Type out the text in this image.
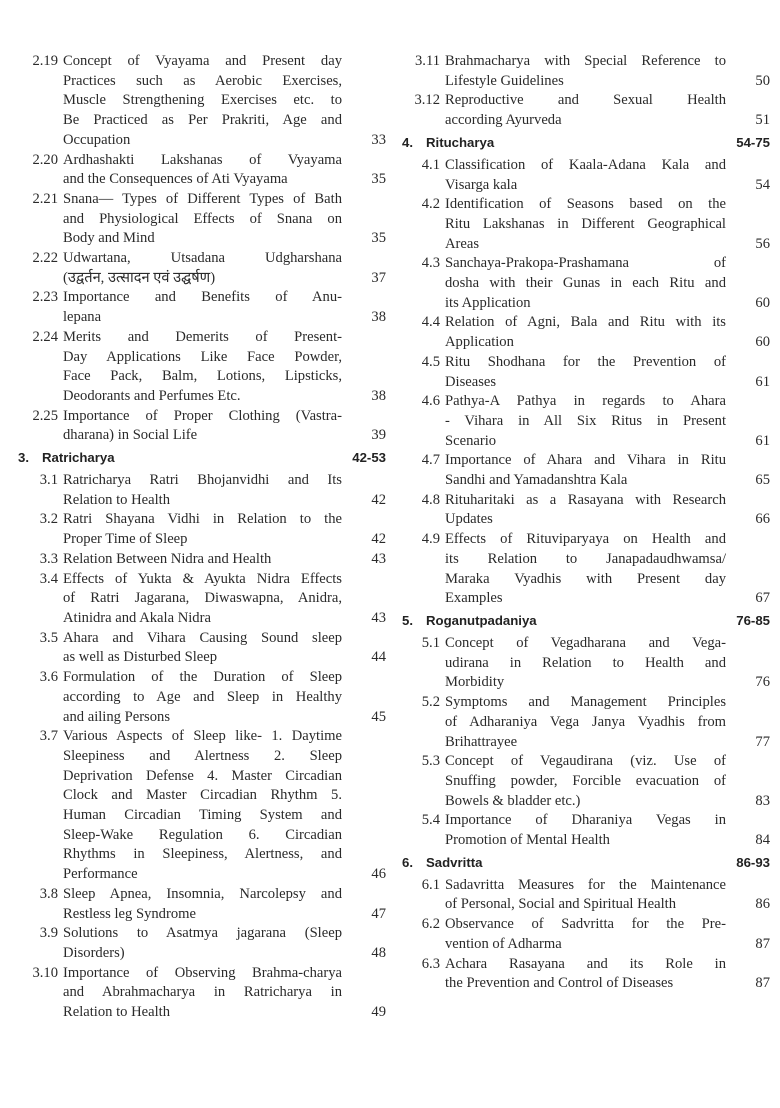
2.19 Concept of Vyayama and Present day
Practices such as Aerobic Exercises,
Muscle Strengthening Exercises etc. to
Be Practiced as Per Prakriti, Age and
Occupation	33
2.20 Ardhashakti Lakshanas of Vyayama
and the Consequences of Ati Vyayama	35
2.21 Snana— Types of Different Types of Bath
and Physiological Effects of Snana on
Body and Mind	35
2.22 Udwartana, Utsadana Udgharshana
(उद्वर्तन, उत्सादन एवं उद्घर्षण)	37
2.23 Importance and Benefits of Anu-
lepana	38
2.24 Merits and Demerits of Present-
Day Applications Like Face Powder,
Face Pack, Balm, Lotions, Lipsticks,
Deodorants and Perfumes Etc.	38
2.25 Importance of Proper Clothing (Vastra-
dharana) in Social Life	39
3. Ratricharya	42-53
3.1 Ratricharya Ratri Bhojanvidhi and Its
Relation to Health	42
3.2 Ratri Shayana Vidhi in Relation to the
Proper Time of Sleep	42
3.3 Relation Between Nidra and Health	43
3.4 Effects of Yukta & Ayukta Nidra Effects
of Ratri Jagarana, Diwaswapna, Anidra,
Atinidra and Akala Nidra	43
3.5 Ahara and Vihara Causing Sound sleep
as well as Disturbed Sleep	44
3.6 Formulation of the Duration of Sleep
according to Age and Sleep in Healthy
and ailing Persons	45
3.7 Various Aspects of Sleep like- 1. Daytime
Sleepiness and Alertness 2. Sleep
Deprivation Defense 4. Master Circadian
Clock and Master Circadian Rhythm 5.
Human Circadian Timing System and
Sleep-Wake Regulation 6. Circadian
Rhythms in Sleepiness, Alertness, and
Performance	46
3.8 Sleep Apnea, Insomnia, Narcolepsy and
Restless leg Syndrome	47
3.9 Solutions to Asatmya jagarana (Sleep
Disorders)	48
3.10 Importance of Observing Brahma-charya
and Abrahmacharya in Ratricharya in
Relation to Health	49
3.11 Brahmacharya with Special Reference to
Lifestyle Guidelines	50
3.12 Reproductive and Sexual Health
according Ayurveda	51
4. Ritucharya	54-75
4.1 Classification of Kaala-Adana Kala and
Visarga kala	54
4.2 Identification of Seasons based on the
Ritu Lakshanas in Different Geographical
Areas	56
4.3 Sanchaya-Prakopa-Prashamana of
dosha with their Gunas in each Ritu and
its Application	60
4.4 Relation of Agni, Bala and Ritu with its
Application	60
4.5 Ritu Shodhana for the Prevention of
Diseases	61
4.6 Pathya-A Pathya in regards to Ahara
- Vihara in All Six Ritus in Present
Scenario	61
4.7 Importance of Ahara and Vihara in Ritu
Sandhi and Yamadanshtra Kala	65
4.8 Rituharitaki as a Rasayana with Research
Updates	66
4.9 Effects of Rituviparyaya on Health and
its Relation to Janapadaudhwamsa/
Maraka Vyadhis with Present day
Examples	67
5. Roganutpadaniya	76-85
5.1 Concept of Vegadharana and Vega-
udirana in Relation to Health and
Morbidity	76
5.2 Symptoms and Management Principles
of Adharaniya Vega Janya Vyadhis from
Brihattrayee	77
5.3 Concept of Vegaudirana (viz. Use of
Snuffing powder, Forcible evacuation of
Bowels & bladder etc.)	83
5.4 Importance of Dharaniya Vegas in
Promotion of Mental Health	84
6. Sadvritta	86-93
6.1 Sadavritta Measures for the Maintenance
of Personal, Social and Spiritual Health	86
6.2 Observance of Sadvritta for the Pre-
vention of Adharma	87
6.3 Achara Rasayana and its Role in
the Prevention and Control of Diseases	87
